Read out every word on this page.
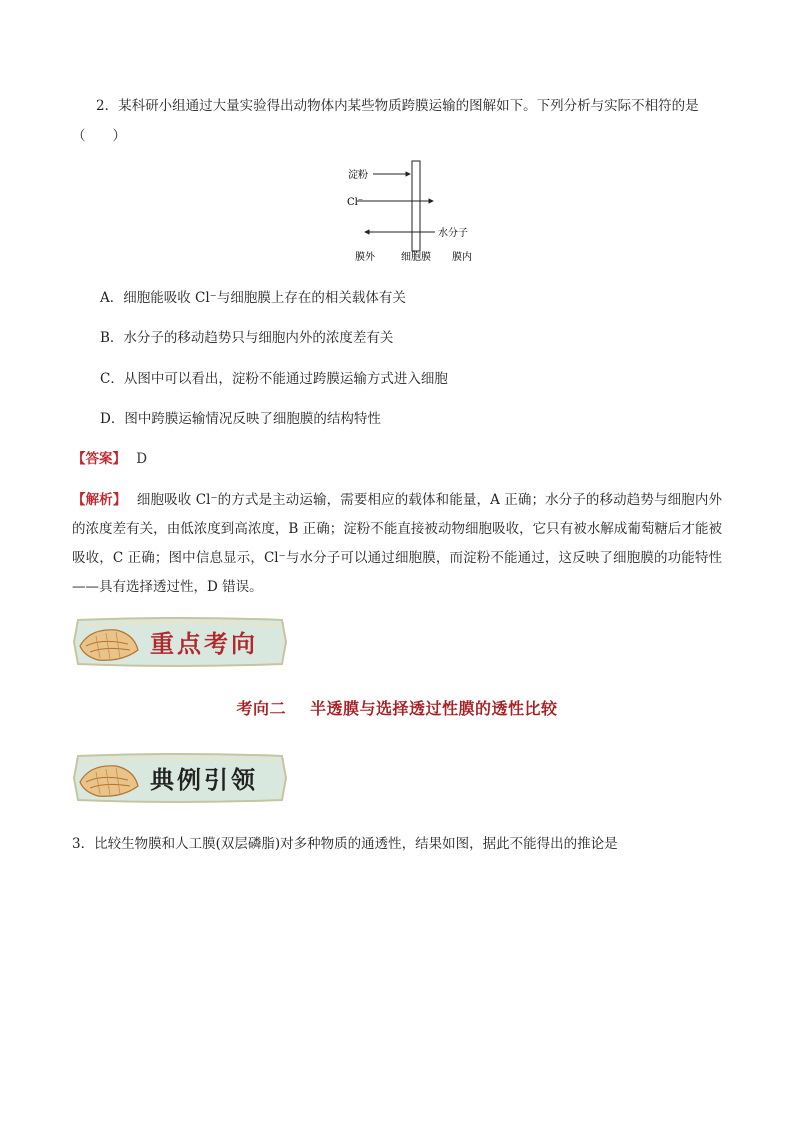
2．某科研小组通过大量实验得出动物体内某些物质跨膜运输的图解如下。下列分析与实际不相符的是
（　　）
淀粉
Cl⁻
水分子
膜外	细胞膜 膜内
A．细胞能吸收 Cl⁻与细胞膜上存在的相关载体有关
B．水分子的移动趋势只与细胞内外的浓度差有关
C．从图中可以看出，淀粉不能通过跨膜运输方式进入细胞
D．图中跨膜运输情况反映了细胞膜的结构特性
【答案】 D
【解析】 细胞吸收 Cl⁻的方式是主动运输，需要相应的载体和能量，A 正确；水分子的移动趋势与细胞内外的浓度差有关，由低浓度到高浓度，B 正确；淀粉不能直接被动物细胞吸收，它只有被水解成葡萄糖后才能被吸收，C 正确；图中信息显示，Cl⁻与水分子可以通过细胞膜，而淀粉不能通过，这反映了细胞膜的功能特性——具有选择透过性，D 错误。
重点考向
考向二 半透膜与选择透过性膜的透性比较
典例引领
3．比较生物膜和人工膜(双层磷脂)对多种物质的通透性，结果如图，据此不能得出的推论是
